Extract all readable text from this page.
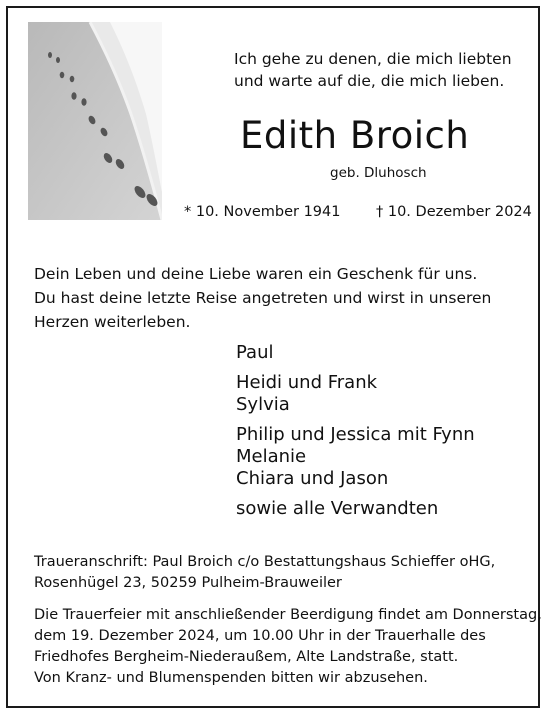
Ich gehe zu denen, die mich liebten
und warte auf die, die mich lieben.
Edith Broich
geb. Dluhosch
* 10. November 1941 † 10. Dezember 2024
Dein Leben und deine Liebe waren ein Geschenk für uns.
Du hast deine letzte Reise angetreten und wirst in unseren
Herzen weiterleben.
Paul
Heidi und Frank
Sylvia
Philip und Jessica mit Fynn
Melanie
Chiara und Jason
sowie alle Verwandten
Traueranschrift: Paul Broich c/o Bestattungshaus Schieffer oHG,
Rosenhügel 23, 50259 Pulheim-Brauweiler
Die Trauerfeier mit anschließender Beerdigung findet am Donnerstag,
dem 19. Dezember 2024, um 10.00 Uhr in der Trauerhalle des
Friedhofes Bergheim-Niederaußem, Alte Landstraße, statt.
Von Kranz- und Blumenspenden bitten wir abzusehen.
